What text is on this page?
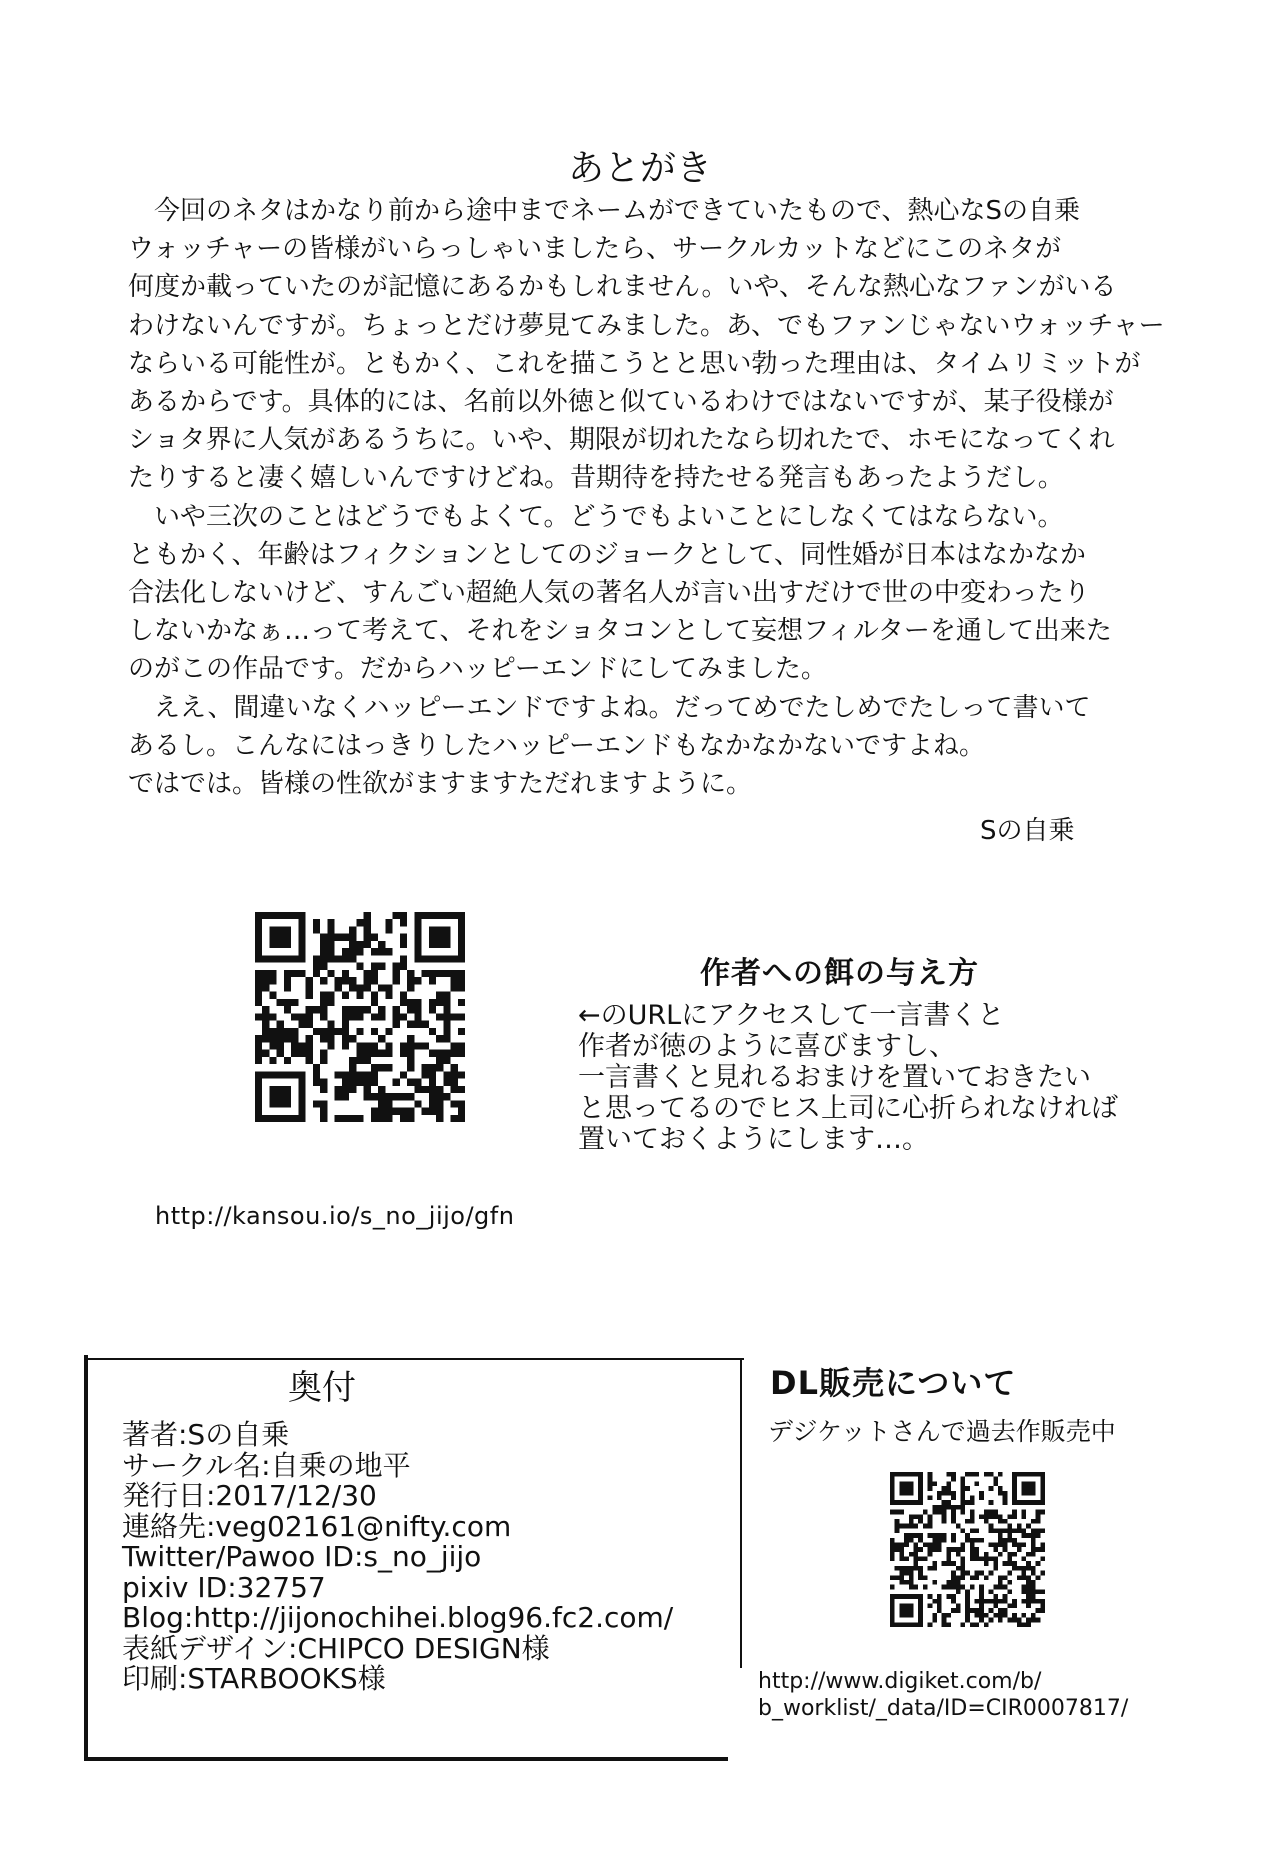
あとがき
　今回のネタはかなり前から途中までネームができていたもので、熱心なSの自乗
ウォッチャーの皆様がいらっしゃいましたら、サークルカットなどにこのネタが
何度か載っていたのが記憶にあるかもしれません。いや、そんな熱心なファンがいる
わけないんですが。ちょっとだけ夢見てみました。あ、でもファンじゃないウォッチャー
ならいる可能性が。ともかく、これを描こうとと思い勃った理由は、タイムリミットが
あるからです。具体的には、名前以外徳と似ているわけではないですが、某子役様が
ショタ界に人気があるうちに。いや、期限が切れたなら切れたで、ホモになってくれ
たりすると凄く嬉しいんですけどね。昔期待を持たせる発言もあったようだし。
　いや三次のことはどうでもよくて。どうでもよいことにしなくてはならない。
ともかく、年齢はフィクションとしてのジョークとして、同性婚が日本はなかなか
合法化しないけど、すんごい超絶人気の著名人が言い出すだけで世の中変わったり
しないかなぁ…って考えて、それをショタコンとして妄想フィルターを通して出来た
のがこの作品です。だからハッピーエンドにしてみました。
　ええ、間違いなくハッピーエンドですよね。だってめでたしめでたしって書いて
あるし。こんなにはっきりしたハッピーエンドもなかなかないですよね。
ではでは。皆様の性欲がますますただれますように。
Sの自乗
http://kansou.io/s_no_jijo/gfn
作者への餌の与え方
←のURLにアクセスして一言書くと
作者が徳のように喜びますし、
一言書くと見れるおまけを置いておきたい
と思ってるのでヒス上司に心折られなければ
置いておくようにします…。
奥付
著者:Sの自乗
サークル名:自乗の地平
発行日:2017/12/30
連絡先:veg02161@nifty.com
Twitter/Pawoo ID:s_no_jijo
pixiv ID:32757
Blog:http://jijonochihei.blog96.fc2.com/
表紙デザイン:CHIPCO DESIGN様
印刷:STARBOOKS様
DL販売について
デジケットさんで過去作販売中
http://www.digiket.com/b/
b_worklist/_data/ID=CIR0007817/
